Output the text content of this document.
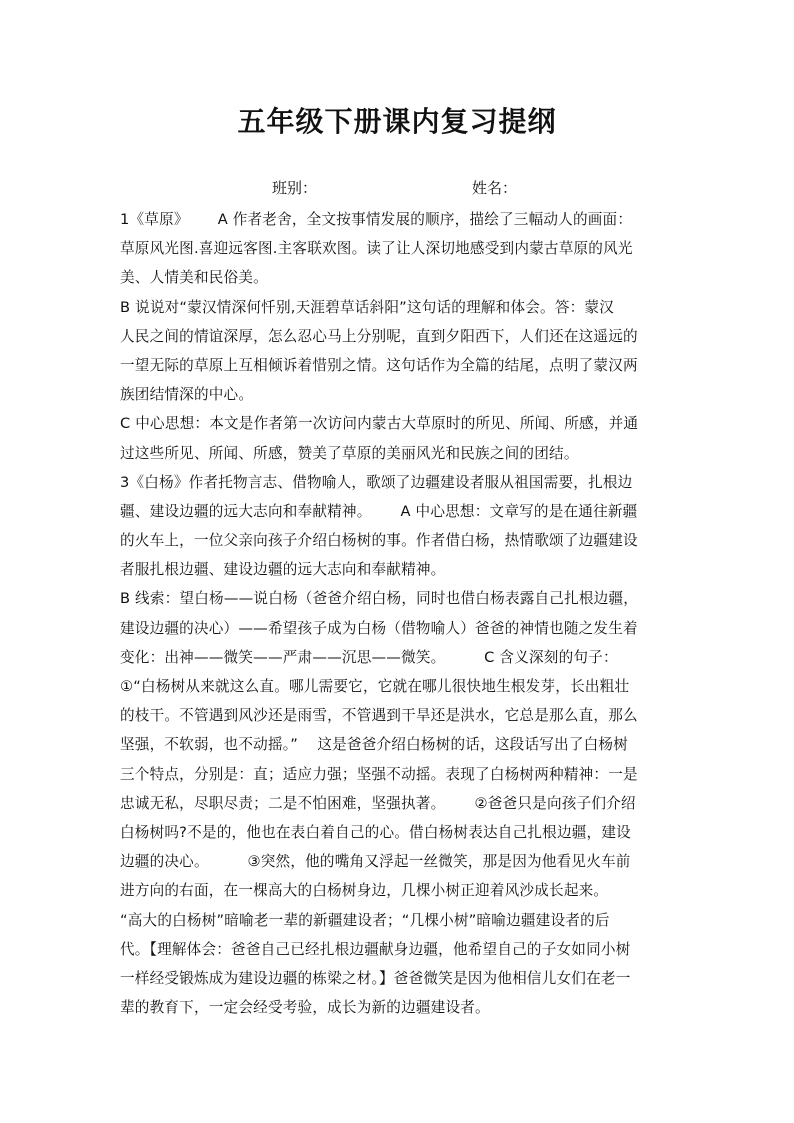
五年级下册课内复习提纲
班别：	姓名：
1《草原》      A 作者老舍，全文按事情发展的顺序，描绘了三幅动人的画面：
草原风光图.喜迎远客图.主客联欢图。读了让人深切地感受到内蒙古草原的风光
美、人情美和民俗美。
B 说说对“蒙汉情深何忏别,天涯碧草话斜阳”这句话的理解和体会。答：蒙汉
人民之间的情谊深厚，怎么忍心马上分别呢，直到夕阳西下，人们还在这遥远的
一望无际的草原上互相倾诉着惜别之情。这句话作为全篇的结尾，点明了蒙汉两
族团结情深的中心。
C 中心思想：本文是作者第一次访问内蒙古大草原时的所见、所闻、所感，并通
过这些所见、所闻、所感，赞美了草原的美丽风光和民族之间的团结。
3《白杨》作者托物言志、借物喻人，歌颂了边疆建设者服从祖国需要，扎根边
疆、建设边疆的远大志向和奉献精神。      A 中心思想：文章写的是在通往新疆
的火车上，一位父亲向孩子介绍白杨树的事。作者借白杨，热情歌颂了边疆建设
者服扎根边疆、建设边疆的远大志向和奉献精神。
B 线索：望白杨——说白杨（爸爸介绍白杨，同时也借白杨表露自己扎根边疆，
建设边疆的决心）——希望孩子成为白杨（借物喻人）爸爸的神情也随之发生着
变化：出神——微笑——严肃——沉思——微笑。        C 含义深刻的句子：
①“白杨树从来就这么直。哪儿需要它，它就在哪儿很快地生根发芽，长出粗壮
的枝干。不管遇到风沙还是雨雪，不管遇到干旱还是洪水，它总是那么直，那么
坚强，不软弱，也不动摇。”    这是爸爸介绍白杨树的话，这段话写出了白杨树
三个特点，分别是：直；适应力强；坚强不动摇。表现了白杨树两种精神：一是
忠诚无私，尽职尽责；二是不怕困难，坚强执著。      ②爸爸只是向孩子们介绍
白杨树吗?不是的，他也在表白着自己的心。借白杨树表达自己扎根边疆，建设
边疆的决心。        ③突然，他的嘴角又浮起一丝微笑，那是因为他看见火车前
进方向的右面，在一棵高大的白杨树身边，几棵小树正迎着风沙成长起来。
“高大的白杨树”暗喻老一辈的新疆建设者；“几棵小树”暗喻边疆建设者的后
代。【理解体会：爸爸自己已经扎根边疆献身边疆，他希望自己的子女如同小树
一样经受锻炼成为建设边疆的栋梁之材。】爸爸微笑是因为他相信儿女们在老一
辈的教育下，一定会经受考验，成长为新的边疆建设者。
